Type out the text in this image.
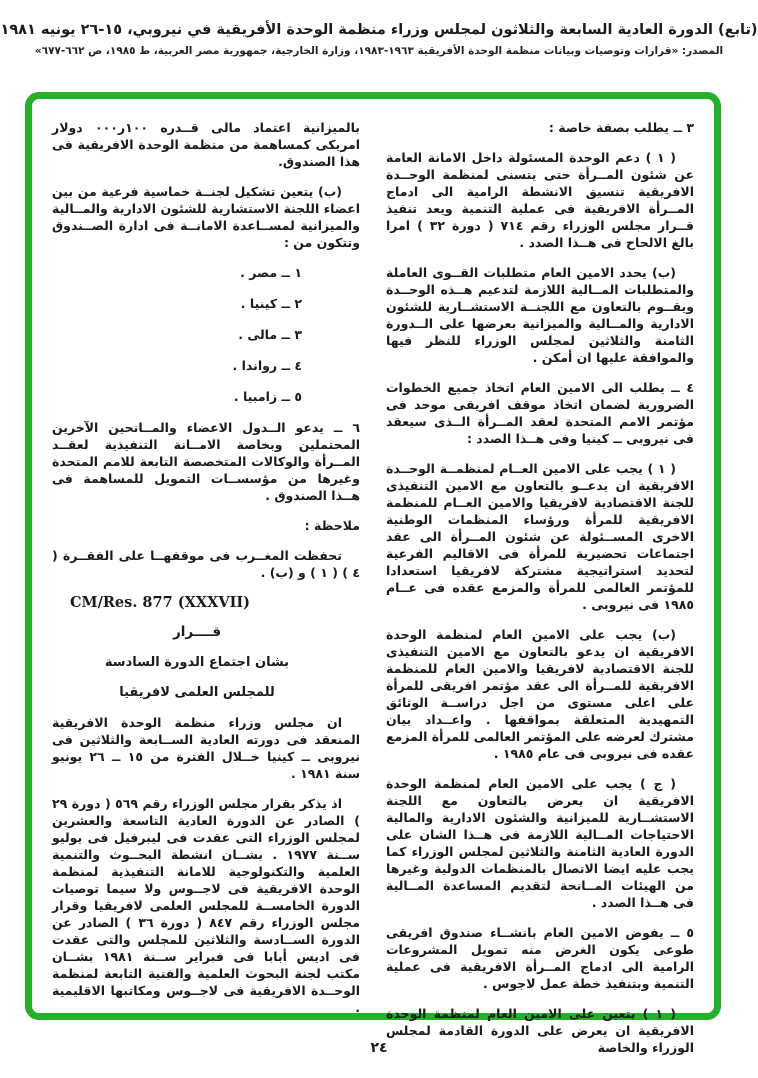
(تابع) الدورة العادية السابعة والثلاثون لمجلس وزراء منظمة الوحدة الأفريقية في نيروبي، ١٥-٢٦ يونيه ١٩٨١
المصدر: «قرارات وتوصيات وبيانات منظمة الوحدة الأفريقية ١٩٦٣-١٩٨٣، وزارة الخارجية، جمهورية مصر العربية، ط ١٩٨٥، ص ٦٦٢-٦٧٧»

٣ ــ يطلب بصفة خاصة :

( ١ ) دعم الوحدة المسئولة داخل الامانة العامة عن شئون المــرأة حتى يتسنى لمنظمة الوحــدة الافريقية تنسيق الانشطة الرامية الى ادماج المــرأة الافريقية فى عملية التنمية ويعد تنفيذ قــرار مجلس الوزراء رقم ٧١٤ ( دورة ٣٢ ) امرا بالغ الالحاح فى هــذا الصدد .

(ب) يحدد الامين العام متطلبات القــوى العاملة والمتطلبات المــالية اللازمة لتدعيم هــذه الوحــدة ويقــوم بالتعاون مع اللجنــة الاستشــارية للشئون الادارية والمــالية والميزانية بعرضها على الــدورة الثامنة والثلاثين لمجلس الوزراء للنظر فيها والموافقة عليها ان أمكن .

٤ ــ يطلب الى الامين العام اتخاذ جميع الخطوات الضرورية لضمان اتخاذ موقف افريقى موحد فى مؤتمر الامم المتحدة لعقد المــرأة الــذى سيعقد فى نيروبى ــ كينيا وفى هــذا الصدد :

( ١ ) يجب على الامين العــام لمنظمــة الوحــدة الافريقية ان يدعــو بالتعاون مع الامين التنفيذى للجنة الاقتصادية لافريقيا والامين العــام للمنظمة الافريقية للمرأة ورؤساء المنظمات الوطنية الاخرى المســئولة عن شئون المــرأة الى عقد اجتماعات تحضيرية للمرأة فى الاقاليم الفرعية لتحديد استراتيجية مشتركة لافريقيا استعدادا للمؤتمر العالمى للمرأة والمزمع عقده فى عــام ١٩٨٥ فى نيروبى .

(ب) يجب على الامين العام لمنظمة الوحدة الافريقية ان يدعو بالتعاون مع الامين التنفيذى للجنة الاقتصادية لافريقيا والامين العام للمنظمة الافريقية للمــرأة الى عقد مؤتمر افريقى للمرأة على اعلى مستوى من اجل دراســة الوثائق التمهيدية المتعلقة بمواقفها . واعــداد بيان مشترك لعرضه على المؤتمر العالمى للمرأة المزمع عقده فى نيروبى فى عام ١٩٨٥ .

( ج ) يجب على الامين العام لمنظمة الوحدة الافريقية ان يعرض بالتعاون مع اللجنة الاستشــارية للميزانية والشئون الادارية والمالية الاحتياجات المــالية اللازمة فى هــذا الشان على الدورة العادية الثامنة والثلاثين لمجلس الوزراء كما يجب عليه ايضا الاتصال بالمنظمات الدولية وغيرها من الهيئات المــانحة لتقديم المساعدة المــالية فى هــذا الصدد .

٥ ــ يفوض الامين العام بانشــاء صندوق افريقى طوعى يكون الغرض منه تمويل المشروعات الرامية الى ادماج المــرأة الافريقية فى عملية التنمية وبتنفيذ خطة عمل لاجوس .

( ١ ) يتعين على الامين العام لمنظمة الوحدة الافريقية ان يعرض على الدورة القادمة لمجلس الوزراء والخاصة

بالميزانية اعتماد مالى قــدره ١٠٠ر٠٠٠ دولار امريكى كمساهمة من منظمة الوحدة الافريقية فى هذا الصندوق.

(ب) يتعين تشكيل لجنــة خماسية فرعية من بين اعضاء اللجنة الاستشارية للشئون الادارية والمــالية والميزانية لمســاعدة الامانــة فى ادارة الصــندوق وتتكون من :

١ ــ مصر .
٢ ــ كينيا .
٣ ــ مالى .
٤ ــ رواندا .
٥ ــ زامبيا .

٦ ــ يدعو الــدول الاعضاء والمــانحين الآخرين المحتملين وبخاصة الامــانة التنفيذية لعقــد المــرأة والوكالات المتخصصة التابعة للامم المتحدة وغيرها من مؤسســات التمويل للمساهمة فى هــذا الصندوق .

ملاحظة :

تحفظت المغــرب فى موقفهــا على الفقــرة ( ٤ ) ( ١ ) و (ب) .

CM/Res. 877 (XXXVII)

قــــرار

بشان اجتماع الدورة السادسة

للمجلس العلمى لافريقيا

ان مجلس وزراء منظمة الوحدة الافريقية المنعقد فى دورته العادية الســابعة والثلاثين فى نيروبى ــ كينيا خــلال الفترة من ١٥ ــ ٢٦ يونيو سنة ١٩٨١ .

اذ يذكر بقرار مجلس الوزراء رقم ٥٦٩ ( دورة ٢٩ ) الصادر عن الدورة العادية التاسعة والعشرين لمجلس الوزراء التى عقدت فى ليبرفيل فى يوليو ســنة ١٩٧٧ . بشــان انشطة البحــوث والتنمية العلمية والتكنولوجية للامانة التنفيذية لمنظمة الوحدة الافريقية فى لاجــوس ولا سيما توصيات الدورة الخامســة للمجلس العلمى لافريقيا وقرار مجلس الوزراء رقم ٨٤٧ ( دورة ٣٦ ) الصادر عن الدورة الســادسة والثلاثين للمجلس والتى عقدت فى اديس أبابا فى فبراير ســنة ١٩٨١ بشــان مكتب لجنة البحوث العلمية والفنية التابعة لمنظمة الوحــدة الافريقية فى لاجــوس ومكاتبها الاقليمية .

٢٤
